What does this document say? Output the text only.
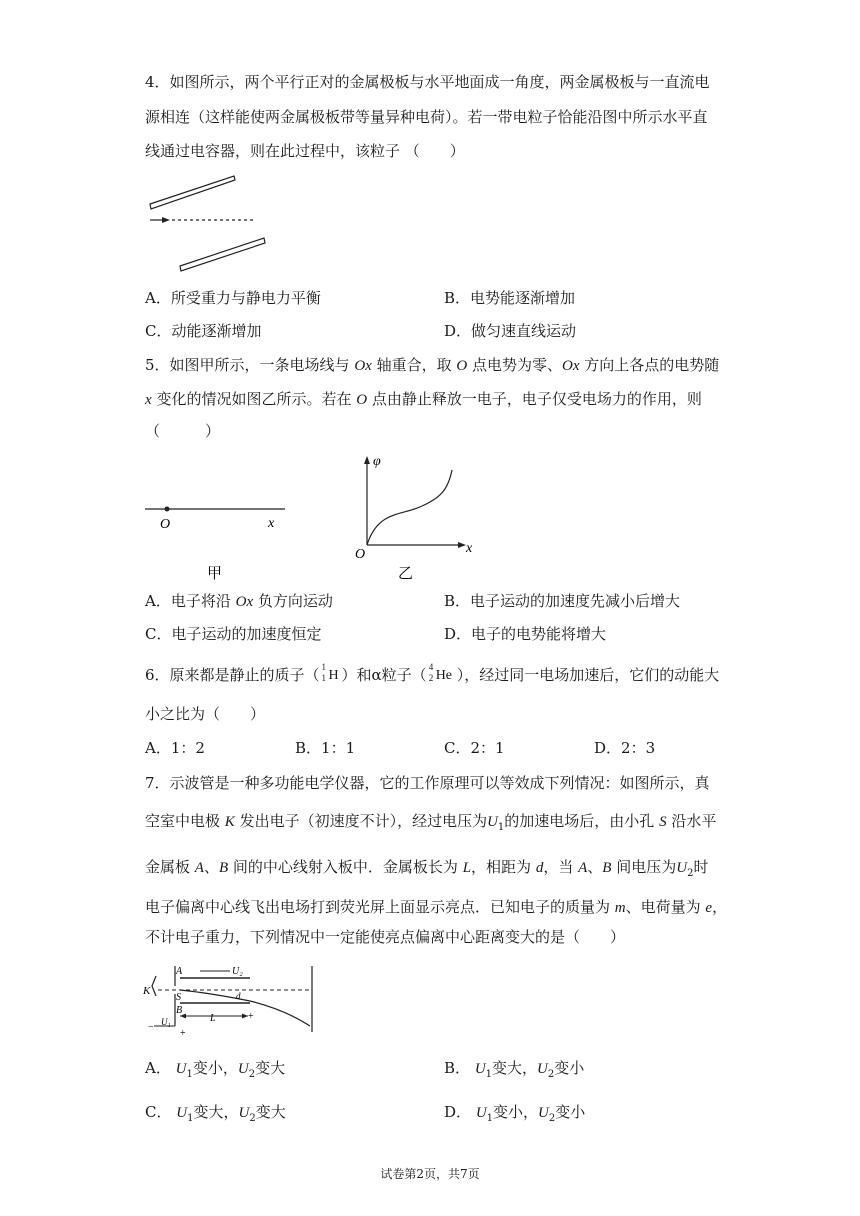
4．如图所示，两个平行正对的金属极板与水平地面成一角度，两金属极板与一直流电
源相连（这样能使两金属极板带等量异种电荷）。若一带电粒子恰能沿图中所示水平直
线通过电容器，则在此过程中，该粒子 （　　）
A．所受重力与静电力平衡	B．电势能逐渐增加
C．动能逐渐增加	D．做匀速直线运动
5．如图甲所示，一条电场线与 Ox 轴重合，取 O 点电势为零、Ox 方向上各点的电势随
x 变化的情况如图乙所示。若在 O 点由静止释放一电子，电子仅受电场力的作用，则
（　　　）
O	x
甲
φ
O	x
乙
A．电子将沿 Ox 负方向运动	B．电子运动的加速度先减小后增大
C．电子运动的加速度恒定	D．电子的电势能将增大
6．原来都是静止的质子（ 1
1 H ）和α粒子（ 4
2 He ），经过同一电场加速后，它们的动能大
小之比为（　　）
A．1：2	B．1：1	C．2：1	D．2：3
7．示波管是一种多功能电学仪器，它的工作原理可以等效成下列情况：如图所示，真
空室中电极 K 发出电子（初速度不计），经过电压为$U_1$的加速电场后，由小孔 S 沿水平
金属板 A、B 间的中心线射入板中．金属板长为 L，相距为 d，当 A、B 间电压为$U_2$时
电子偏离中心线飞出电场打到荧光屏上面显示亮点．已知电子的质量为 m、电荷量为 e，
不计电子重力，下列情况中一定能使亮点偏离中心距离变大的是（　　）
K
S
A
B
U₂
d
+
L
− U₁
+
A． $U_1$变小，$U_2$变大	B． $U_1$变大，$U_2$变小
C． $U_1$变大，$U_2$变大	D． $U_1$变小，$U_2$变小
试卷第2页，共7页
